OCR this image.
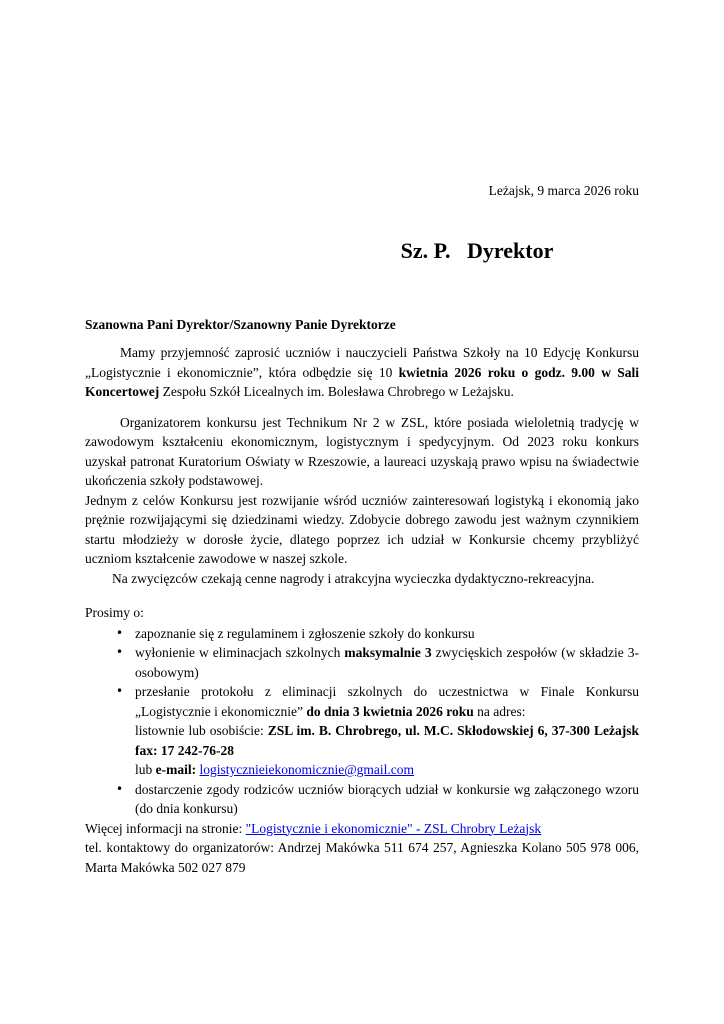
Leżajsk, 9 marca 2026 roku
Sz. P.   Dyrektor
Szanowna Pani Dyrektor/Szanowny Panie Dyrektorze

Mamy przyjemność zaprosić uczniów i nauczycieli Państwa Szkoły na 10 Edycję Konkursu „Logistycznie i ekonomicznie”, która odbędzie się 10 kwietnia 2026 roku o godz. 9.00 w Sali Koncertowej Zespołu Szkół Licealnych im. Bolesława Chrobrego w Leżajsku.

Organizatorem konkursu jest Technikum Nr 2 w ZSL, które posiada wieloletnią tradycję w zawodowym kształceniu ekonomicznym, logistycznym i spedycyjnym. Od 2023 roku konkurs uzyskał patronat Kuratorium Oświaty w Rzeszowie, a laureaci uzyskają prawo wpisu na świadectwie ukończenia szkoły podstawowej.

Jednym z celów Konkursu jest rozwijanie wśród uczniów zainteresowań logistyką i ekonomią jako prężnie rozwijającymi się dziedzinami wiedzy. Zdobycie dobrego zawodu jest ważnym czynnikiem startu młodzieży w dorosłe życie, dlatego poprzez ich udział w Konkursie chcemy przybliżyć uczniom kształcenie zawodowe w naszej szkole.

Na zwycięzców czekają cenne nagrody i atrakcyjna wycieczka dydaktyczno-rekreacyjna.

Prosimy o:

• zapoznanie się z regulaminem i zgłoszenie szkoły do konkursu
• wyłonienie w eliminacjach szkolnych maksymalnie 3 zwycięskich zespołów (w składzie 3-osobowym)
• przesłanie protokołu z eliminacji szkolnych do uczestnictwa w Finale Konkursu „Logistycznie i ekonomicznie” do dnia 3 kwietnia 2026 roku na adres:
listownie lub osobiście: ZSL im. B. Chrobrego, ul. M.C. Skłodowskiej 6, 37-300 Leżajsk fax: 17 242-76-28
lub e-mail: logistycznieiekonomicznie@gmail.com
• dostarczenie zgody rodziców uczniów biorących udział w konkursie wg załączonego wzoru (do dnia konkursu)

Więcej informacji na stronie: "Logistycznie i ekonomicznie" - ZSL Chrobry Leżajsk

tel. kontaktowy do organizatorów: Andrzej Makówka 511 674 257, Agnieszka Kolano 505 978 006, Marta Makówka 502 027 879
